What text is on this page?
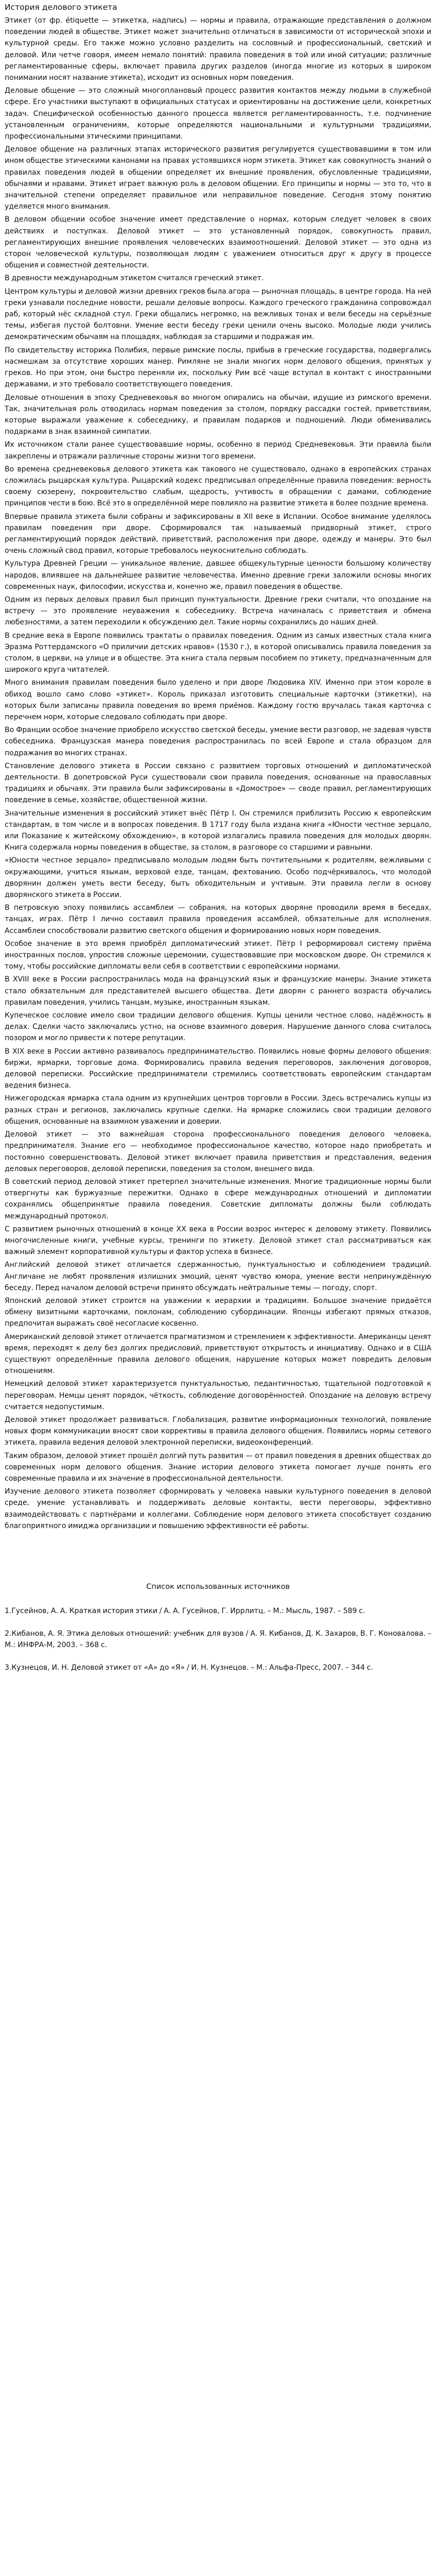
История делового этикета

Этикет (от фр. étiquette — этикетка, надпись) — нормы и правила, отражающие представления о должном поведении людей в обществе. Этикет может значительно отличаться в зависимости от исторической эпохи и культурной среды. Его также можно условно разделить на сословный и профессиональный, светский и деловой. Или четче говоря, имеем немало понятий: правила поведения в той или иной ситуации; различные регламентированные сферы, включает правила других разделов (иногда многие из которых в широком понимании носят название этикета), исходит из основных норм поведения.

Деловые общение — это сложный многоплановый процесс развития контактов между людьми в служебной сфере. Его участники выступают в официальных статусах и ориентированы на достижение цели, конкретных задач. Специфической особенностью данного процесса является регламентированность, т.е. подчинение установленным ограничениям, которые определяются национальными и культурными традициями, профессиональными этическими принципами.

Деловое общение на различных этапах исторического развития регулируется существовавшими в том или ином обществе этическими канонами на правах устоявшихся норм этикета. Этикет как совокупность знаний о правилах поведения людей в общении определяет их внешние проявления, обусловленные традициями, обычаями и нравами. Этикет играет важную роль в деловом общении. Его принципы и нормы — это то, что в значительной степени определяет правильное или неправильное поведение. Сегодня этому понятию уделяется много внимания.

В деловом общении особое значение имеет представление о нормах, которым следует человек в своих действиях и поступках. Деловой этикет — это установленный порядок, совокупность правил, регламентирующих внешние проявления человеческих взаимоотношений. Деловой этикет — это одна из сторон человеческой культуры, позволяющая людям с уважением относиться друг к другу в процессе общения и совместной деятельности.

В древности международным этикетом считался греческий этикет.

Центром культуры и деловой жизни древних греков была агора — рыночная площадь, в центре города. На ней греки узнавали последние новости, решали деловые вопросы. Каждого греческого гражданина сопровождал раб, который нёс складной стул. Греки общались негромко, на вежливых тонах и вели беседы на серьёзные темы, избегая пустой болтовни. Умение вести беседу греки ценили очень высоко. Молодые люди учились демократическим обычаям на площадях, наблюдая за старшими и подражая им.

По свидетельству историка Полибия, первые римские послы, прибыв в греческие государства, подвергались насмешкам за отсутствие хороших манер. Римляне не знали многих норм делового общения, принятых у греков. Но при этом, они быстро переняли их, поскольку Рим всё чаще вступал в контакт с иностранными державами, и это требовало соответствующего поведения.

Деловые отношения в эпоху Средневековья во многом опирались на обычаи, идущие из римского времени. Так, значительная роль отводилась нормам поведения за столом, порядку рассадки гостей, приветствиям, которые выражали уважение к собеседнику, и правилам подарков и подношений. Люди обменивались подарками в знак взаимной симпатии.

Их источником стали ранее существовавшие нормы, особенно в период Средневековья. Эти правила были закреплены и отражали различные стороны жизни того времени.

Во времена средневековья делового этикета как такового не существовало, однако в европейских странах сложилась рыцарская культура. Рыцарский кодекс предписывал определённые правила поведения: верность своему сюзерену, покровительство слабым, щедрость, учтивость в обращении с дамами, соблюдение принципов чести в бою. Всё это в определённой мере повлияло на развитие этикета в более поздние времена.

Впервые правила этикета были собраны и зафиксированы в XII веке в Испании. Особое внимание уделялось правилам поведения при дворе. Сформировался так называемый придворный этикет, строго регламентирующий порядок действий, приветствий, расположения при дворе, одежду и манеры. Это был очень сложный свод правил, которые требовалось неукоснительно соблюдать.

Культура Древней Греции — уникальное явление, давшее общекультурные ценности большому количеству народов, влиявшее на дальнейшее развитие человечества. Именно древние греки заложили основы многих современных наук, философии, искусства и, конечно же, правил поведения в обществе.

Одним из первых деловых правил был принцип пунктуальности. Древние греки считали, что опоздание на встречу — это проявление неуважения к собеседнику. Встреча начиналась с приветствия и обмена любезностями, а затем переходили к обсуждению дел. Такие нормы сохранились до наших дней.

В средние века в Европе появились трактаты о правилах поведения. Одним из самых известных стала книга Эразма Роттердамского «О приличии детских нравов» (1530 г.), в которой описывались правила поведения за столом, в церкви, на улице и в обществе. Эта книга стала первым пособием по этикету, предназначенным для широкого круга читателей.

Много внимания правилам поведения было уделено и при дворе Людовика XIV. Именно при этом короле в обиход вошло само слово «этикет». Король приказал изготовить специальные карточки (этикетки), на которых были записаны правила поведения во время приёмов. Каждому гостю вручалась такая карточка с перечнем норм, которые следовало соблюдать при дворе.

Во Франции особое значение приобрело искусство светской беседы, умение вести разговор, не задевая чувств собеседника. Французская манера поведения распространилась по всей Европе и стала образцом для подражания во многих странах.

Становление делового этикета в России связано с развитием торговых отношений и дипломатической деятельности. В допетровской Руси существовали свои правила поведения, основанные на православных традициях и обычаях. Эти правила были зафиксированы в «Домострое» — своде правил, регламентирующих поведение в семье, хозяйстве, общественной жизни.

Значительные изменения в российский этикет внёс Пётр I. Он стремился приблизить Россию к европейским стандартам, в том числе и в вопросах поведения. В 1717 году была издана книга «Юности честное зерцало, или Показание к житейскому обхождению», в которой излагались правила поведения для молодых дворян. Книга содержала нормы поведения в обществе, за столом, в разговоре со старшими и равными.

«Юности честное зерцало» предписывало молодым людям быть почтительными к родителям, вежливыми с окружающими, учиться языкам, верховой езде, танцам, фехтованию. Особо подчёркивалось, что молодой дворянин должен уметь вести беседу, быть обходительным и учтивым. Эти правила легли в основу дворянского этикета в России.

В петровскую эпоху появились ассамблеи — собрания, на которых дворяне проводили время в беседах, танцах, играх. Пётр I лично составил правила проведения ассамблей, обязательные для исполнения. Ассамблеи способствовали развитию светского общения и формированию новых норм поведения.

Особое значение в это время приобрёл дипломатический этикет. Пётр I реформировал систему приёма иностранных послов, упростив сложные церемонии, существовавшие при московском дворе. Он стремился к тому, чтобы российские дипломаты вели себя в соответствии с европейскими нормами.

В XVIII веке в России распространилась мода на французский язык и французские манеры. Знание этикета стало обязательным для представителей высшего общества. Дети дворян с раннего возраста обучались правилам поведения, учились танцам, музыке, иностранным языкам.

Купеческое сословие имело свои традиции делового общения. Купцы ценили честное слово, надёжность в делах. Сделки часто заключались устно, на основе взаимного доверия. Нарушение данного слова считалось позором и могло привести к потере репутации.

В XIX веке в России активно развивалось предпринимательство. Появились новые формы делового общения: биржи, ярмарки, торговые дома. Формировались правила ведения переговоров, заключения договоров, деловой переписки. Российские предприниматели стремились соответствовать европейским стандартам ведения бизнеса.

Нижегородская ярмарка стала одним из крупнейших центров торговли в России. Здесь встречались купцы из разных стран и регионов, заключались крупные сделки. На ярмарке сложились свои традиции делового общения, основанные на взаимном уважении и доверии.

Деловой этикет — это важнейшая сторона профессионального поведения делового человека, предпринимателя. Знание его — необходимое профессиональное качество, которое надо приобретать и постоянно совершенствовать. Деловой этикет включает правила приветствия и представления, ведения деловых переговоров, деловой переписки, поведения за столом, внешнего вида.

В советский период деловой этикет претерпел значительные изменения. Многие традиционные нормы были отвергнуты как буржуазные пережитки. Однако в сфере международных отношений и дипломатии сохранялись общепринятые правила поведения. Советские дипломаты должны были соблюдать международный протокол.

С развитием рыночных отношений в конце XX века в России возрос интерес к деловому этикету. Появились многочисленные книги, учебные курсы, тренинги по этикету. Деловой этикет стал рассматриваться как важный элемент корпоративной культуры и фактор успеха в бизнесе.

Английский деловой этикет отличается сдержанностью, пунктуальностью и соблюдением традиций. Англичане не любят проявления излишних эмоций, ценят чувство юмора, умение вести непринуждённую беседу. Перед началом деловой встречи принято обсуждать нейтральные темы — погоду, спорт.

Японский деловой этикет строится на уважении к иерархии и традициям. Большое значение придаётся обмену визитными карточками, поклонам, соблюдению субординации. Японцы избегают прямых отказов, предпочитая выражать своё несогласие косвенно.

Американский деловой этикет отличается прагматизмом и стремлением к эффективности. Американцы ценят время, переходят к делу без долгих предисловий, приветствуют открытость и инициативу. Однако и в США существуют определённые правила делового общения, нарушение которых может повредить деловым отношениям.

Немецкий деловой этикет характеризуется пунктуальностью, педантичностью, тщательной подготовкой к переговорам. Немцы ценят порядок, чёткость, соблюдение договорённостей. Опоздание на деловую встречу считается недопустимым.

Деловой этикет продолжает развиваться. Глобализация, развитие информационных технологий, появление новых форм коммуникации вносят свои коррективы в правила делового общения. Появились нормы сетевого этикета, правила ведения деловой электронной переписки, видеоконференций.

Таким образом, деловой этикет прошёл долгий путь развития — от правил поведения в древних обществах до современных норм делового общения. Знание истории делового этикета помогает лучше понять его современные правила и их значение в профессиональной деятельности.

Изучение делового этикета позволяет сформировать у человека навыки культурного поведения в деловой среде, умение устанавливать и поддерживать деловые контакты, вести переговоры, эффективно взаимодействовать с партнёрами и коллегами. Соблюдение норм делового этикета способствует созданию благоприятного имиджа организации и повышению эффективности её работы.

Список использованных источников

1.Гусейнов, А. А. Краткая история этики / А. А. Гусейнов, Г. Иррлитц. – М.: Мысль, 1987. – 589 с.

2.Кибанов, А. Я. Этика деловых отношений: учебник для вузов / А. Я. Кибанов, Д. К. Захаров, В. Г. Коновалова. – М.: ИНФРА-М, 2003. – 368 с.

3.Кузнецов, И. Н. Деловой этикет от «А» до «Я» / И. Н. Кузнецов. – М.: Альфа-Пресс, 2007. – 344 с.
